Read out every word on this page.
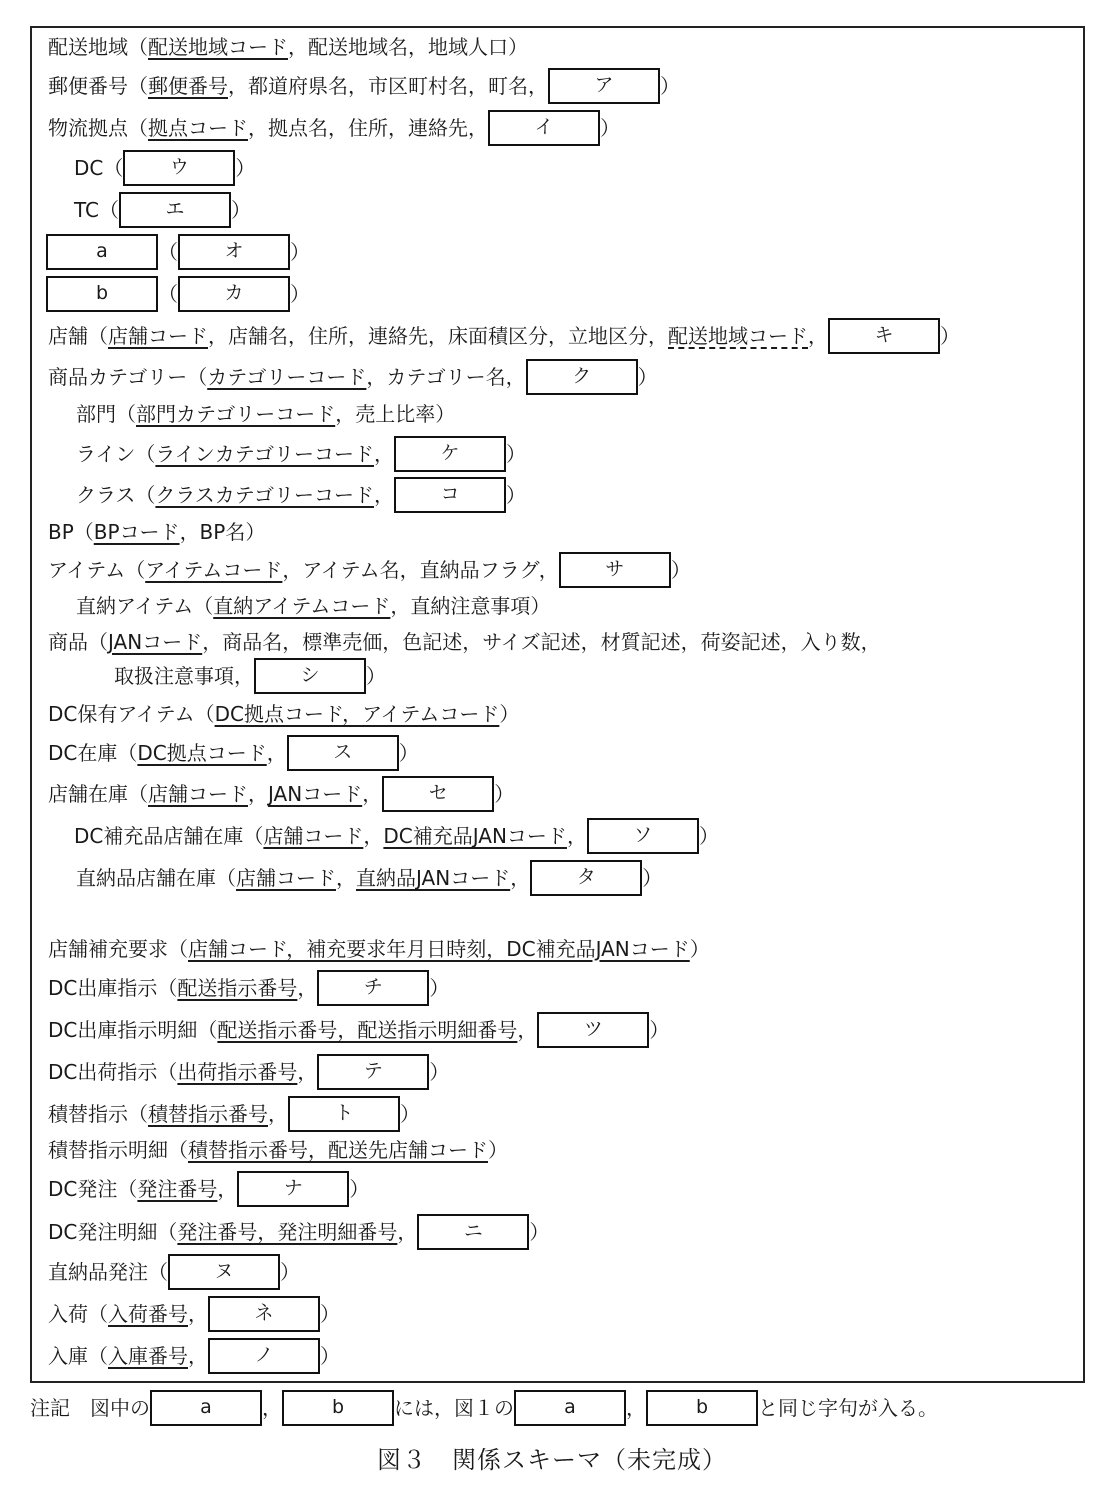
配送地域（配送地域コード，配送地域名，地域人口）
郵便番号（郵便番号，都道府県名，市区町村名，町名， ア ）
物流拠点（拠点コード，拠点名，住所，連絡先， イ ）
DC（ ウ ）
TC（ エ ）
a	（ オ ）
b （ カ ）
店舗（店舗コード，店舗名，住所，連絡先，床面積区分，立地区分，配送地域コード， キ ）
商品カテゴリー（カテゴリーコード，カテゴリー名， ク ）
部門（部門カテゴリーコード，売上比率）
ライン（ラインカテゴリーコード， ケ ）
クラス（クラスカテゴリーコード， コ ）
BP（BPコード，BP名）
アイテム（アイテムコード，アイテム名，直納品フラグ， サ ）
直納アイテム（直納アイテムコード，直納注意事項）
商品（JANコード，商品名，標準売価，色記述，サイズ記述，材質記述，荷姿記述，入り数，
取扱注意事項， シ ）
DC保有アイテム（DC拠点コード，アイテムコード）
DC在庫（DC拠点コード， ス ）
店舗在庫（店舗コード，JANコード， セ ）
DC補充品店舗在庫（店舗コード，DC補充品JANコード， ソ ）
直納品店舗在庫（店舗コード，直納品JANコード， タ ）
店舗補充要求（店舗コード，補充要求年月日時刻，DC補充品JANコード）
DC出庫指示（配送指示番号， チ ）
DC出庫指示明細（配送指示番号，配送指示明細番号， ツ ）
DC出荷指示（出荷指示番号， テ ）
積替指示（積替指示番号， ト ）
積替指示明細（積替指示番号，配送先店舗コード）
DC発注（発注番号， ナ ）
DC発注明細（発注番号，発注明細番号， ニ ）
直納品発注（ ヌ ）
入荷（入荷番号， ネ ）
入庫（入庫番号， ノ ）
注記　図中の	a	，	b には，図１の	a	，	b と同じ字句が入る。
図３　関係スキーマ（未完成）
